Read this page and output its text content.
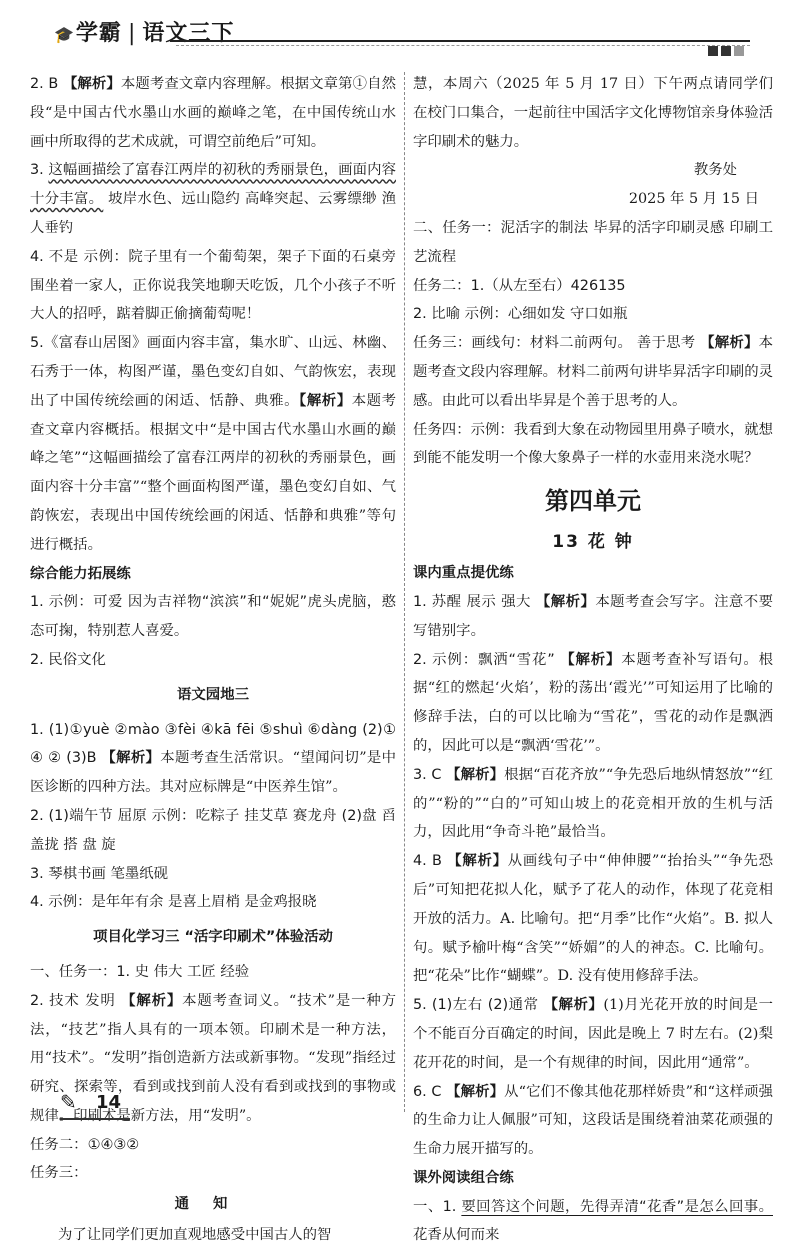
🎓学霸 | 语文三下

2. B 【解析】本题考查文章内容理解。根据文章第①自然段“是中国古代水墨山水画的巅峰之笔，在中国传统山水画中所取得的艺术成就，可谓空前绝后”可知。

3. 这幅画描绘了富春江两岸的初秋的秀丽景色，画面内容十分丰富。 坡岸水色、远山隐约 高峰突起、云雾缥缈 渔人垂钓

4. 不是 示例：院子里有一个葡萄架，架子下面的石桌旁围坐着一家人，正你说我笑地聊天吃饭，几个小孩子不听大人的招呼，踮着脚正偷摘葡萄呢！

5.《富春山居图》画面内容丰富，集水旷、山远、林幽、石秀于一体，构图严谨，墨色变幻自如、气韵恢宏，表现出了中国传统绘画的闲适、恬静、典雅。【解析】本题考查文章内容概括。根据文中“是中国古代水墨山水画的巅峰之笔”“这幅画描绘了富春江两岸的初秋的秀丽景色，画面内容十分丰富”“整个画面构图严谨，墨色变幻自如、气韵恢宏，表现出中国传统绘画的闲适、恬静和典雅”等句进行概括。

综合能力拓展练

1. 示例：可爱 因为吉祥物“滨滨”和“妮妮”虎头虎脑，憨态可掬，特别惹人喜爱。

2. 民俗文化

语文园地三

1. (1)①yuè ②mào ③fèi ④kā fēi ⑤shuì ⑥dàng (2)① ④ ② (3)B 【解析】本题考查生活常识。“望闻问切”是中医诊断的四种方法。其对应标牌是“中医养生馆”。

2. (1)端午节 屈原 示例：吃粽子 挂艾草 赛龙舟 (2)盘 舀 盖拢 搭 盘 旋

3. 琴棋书画 笔墨纸砚

4. 示例：是年年有余 是喜上眉梢 是金鸡报晓

项目化学习三 “活字印刷术”体验活动

一、任务一：1. 史 伟大 工匠 经验

2. 技术 发明 【解析】本题考查词义。“技术”是一种方法，“技艺”指人具有的一项本领。印刷术是一种方法，用“技术”。“发明”指创造新方法或新事物。“发现”指经过研究、探索等，看到或找到前人没有看到或找到的事物或规律。印刷术是新方法，用“发明”。

任务二：①④③②

任务三：

通知

为了让同学们更加直观地感受中国古人的智

慧，本周六（2025 年 5 月 17 日）下午两点请同学们在校门口集合，一起前往中国活字文化博物馆亲身体验活字印刷术的魅力。

教务处

2025 年 5 月 15 日

二、任务一：泥活字的制法 毕昇的活字印刷灵感 印刷工艺流程

任务二：1.（从左至右）426135

2. 比喻 示例：心细如发 守口如瓶

任务三：画线句：材料二前两句。 善于思考 【解析】本题考查文段内容理解。材料二前两句讲毕昇活字印刷的灵感。由此可以看出毕昇是个善于思考的人。

任务四：示例：我看到大象在动物园里用鼻子喷水，就想到能不能发明一个像大象鼻子一样的水壶用来浇水呢？

第四单元

13 花 钟

课内重点提优练

1. 苏醒 展示 强大 【解析】本题考查会写字。注意不要写错别字。

2. 示例：飘洒“雪花” 【解析】本题考查补写语句。根据“红的燃起‘火焰’，粉的荡出‘霞光’”可知运用了比喻的修辞手法，白的可以比喻为“雪花”，雪花的动作是飘洒的，因此可以是“飘洒‘雪花’”。

3. C 【解析】根据“百花齐放”“争先恐后地纵情怒放”“红的”“粉的”“白的”可知山坡上的花竞相开放的生机与活力，因此用“争奇斗艳”最恰当。

4. B 【解析】从画线句子中“伸伸腰”“抬抬头”“争先恐后”可知把花拟人化，赋予了花人的动作，体现了花竞相开放的活力。A. 比喻句。把“月季”比作“火焰”。B. 拟人句。赋予榆叶梅“含笑”“娇媚”的人的神态。C. 比喻句。把“花朵”比作“蝴蝶”。D. 没有使用修辞手法。

5. (1)左右 (2)通常 【解析】(1)月光花开放的时间是一个不能百分百确定的时间，因此是晚上 7 时左右。(2)梨花开花的时间，是一个有规律的时间，因此用“通常”。

6. C 【解析】从“它们不像其他花那样娇贵”和“这样顽强的生命力让人佩服”可知，这段话是围绕着油菜花顽强的生命力展开描写的。

课外阅读组合练

一、1. 要回答这个问题，先得弄清“花香”是怎么回事。 花香从何而来

✎ 14
